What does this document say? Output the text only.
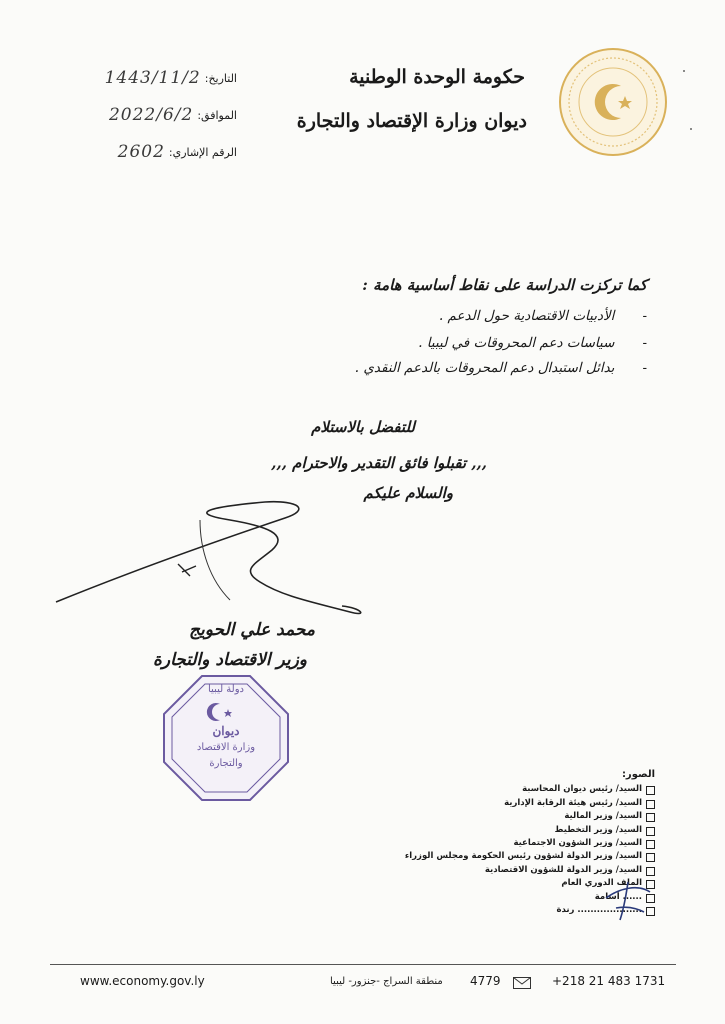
حكومة الوحدة الوطنية
ديوان وزارة الإقتصاد والتجارة
التاريخ:
1443/11/2
الموافق:
2022/6/2
الرقم الإشاري:
2602
كما تركزت الدراسة على نقاط أساسية هامة :
-
الأدبيات الاقتصادية حول الدعم .
-
سياسات دعم المحروقات في ليبيا .
-
بدائل استبدال دعم المحروقات بالدعم النقدي .
للتفضل بالاستلام
,,, تقبلوا فائق التقدير والاحترام ,,,
والسلام عليكم
محمد علي الحويج
وزير الاقتصاد والتجارة
دولة ليبيا
ديوان
وزارة الاقتصاد
والتجارة
الصور:
السيد/ رئيس ديوان المحاسبة
السيد/ رئيس هيئة الرقابة الإدارية
السيد/ وزير المالية
السيد/ وزير التخطيط
السيد/ وزير الشؤون الاجتماعية
السيد/ وزير الدولة لشؤون رئيس الحكومة ومجلس الوزراء
السيد/ وزير الدولة للشؤون الاقتصادية
الملف الدوري العام
...... أسامة
.................... رندة
www.economy.gov.ly	منطقة السراج -جنزور- ليبيا 4779	+218 21 483 1731
